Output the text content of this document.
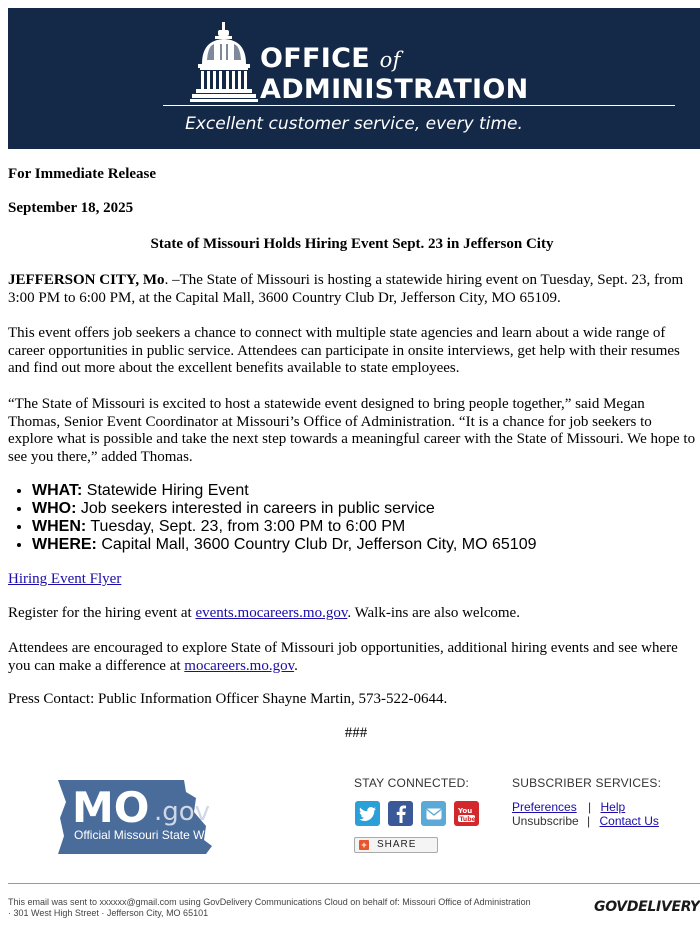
OFFICE of
ADMINISTRATION
Excellent customer service, every time.
For Immediate Release
September 18, 2025
State of Missouri Holds Hiring Event Sept. 23 in Jefferson City
JEFFERSON CITY, Mo. –The State of Missouri is hosting a statewide hiring event on Tuesday, Sept. 23, from 3:00 PM to 6:00 PM, at the Capital Mall, 3600 Country Club Dr, Jefferson City, MO 65109.
This event offers job seekers a chance to connect with multiple state agencies and learn about a wide range of career opportunities in public service. Attendees can participate in onsite interviews, get help with their resumes and find out more about the excellent benefits available to state employees.
“The State of Missouri is excited to host a statewide event designed to bring people together,” said Megan Thomas, Senior Event Coordinator at Missouri’s Office of Administration. “It is a chance for job seekers to explore what is possible and take the next step towards a meaningful career with the State of Missouri. We hope to see you there,” added Thomas.
• WHAT: Statewide Hiring Event
• WHO: Job seekers interested in careers in public service
• WHEN: Tuesday, Sept. 23, from 3:00 PM to 6:00 PM
• WHERE: Capital Mall, 3600 Country Club Dr, Jefferson City, MO 65109
Hiring Event Flyer
Register for the hiring event at events.mocareers.mo.gov. Walk-ins are also welcome.
Attendees are encouraged to explore State of Missouri job opportunities, additional hiring events and see where you can make a difference at mocareers.mo.gov.
Press Contact: Public Information Officer Shayne Martin, 573-522-0644.
###
MO .gov
Official Missouri State Website
STAY CONNECTED:
You
Tube
+ SHARE
SUBSCRIBER SERVICES:
Preferences | Help
Unsubscribe | Contact Us
This email was sent to xxxxxx@gmail.com using GovDelivery Communications Cloud on behalf of: Missouri Office of Administration
· 301 West High Street · Jefferson City, MO 65101	GOVDELIVERY
